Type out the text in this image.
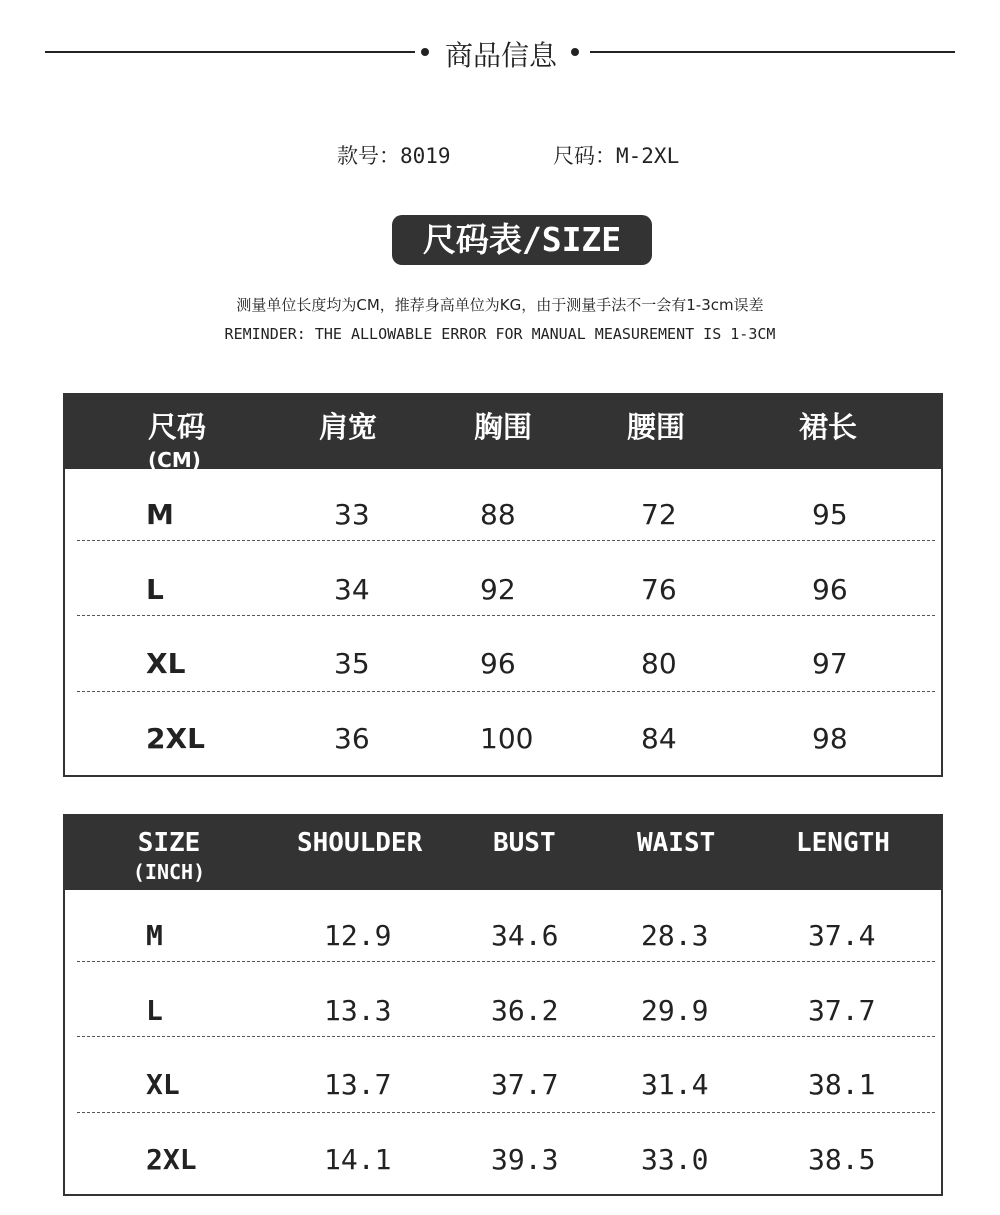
商品信息
款号：8019	尺码：M-2XL
尺码表/SIZE
测量单位长度均为CM，推荐身高单位为KG，由于测量手法不一会有1-3cm误差
REMINDER: THE ALLOWABLE ERROR FOR MANUAL MEASUREMENT IS 1-3CM
尺码
(CM)
肩宽	胸围	腰围	裙长
M	33	88	72	95
L	34	92	76	96
XL	35	96	80	97
2XL	36	100	84	98
SIZE
(INCH)
SHOULDER	BUST	WAIST	LENGTH
M	12.9	34.6	28.3	37.4
L	13.3	36.2	29.9	37.7
XL	13.7	37.7	31.4	38.1
2XL	14.1	39.3	33.0	38.5
